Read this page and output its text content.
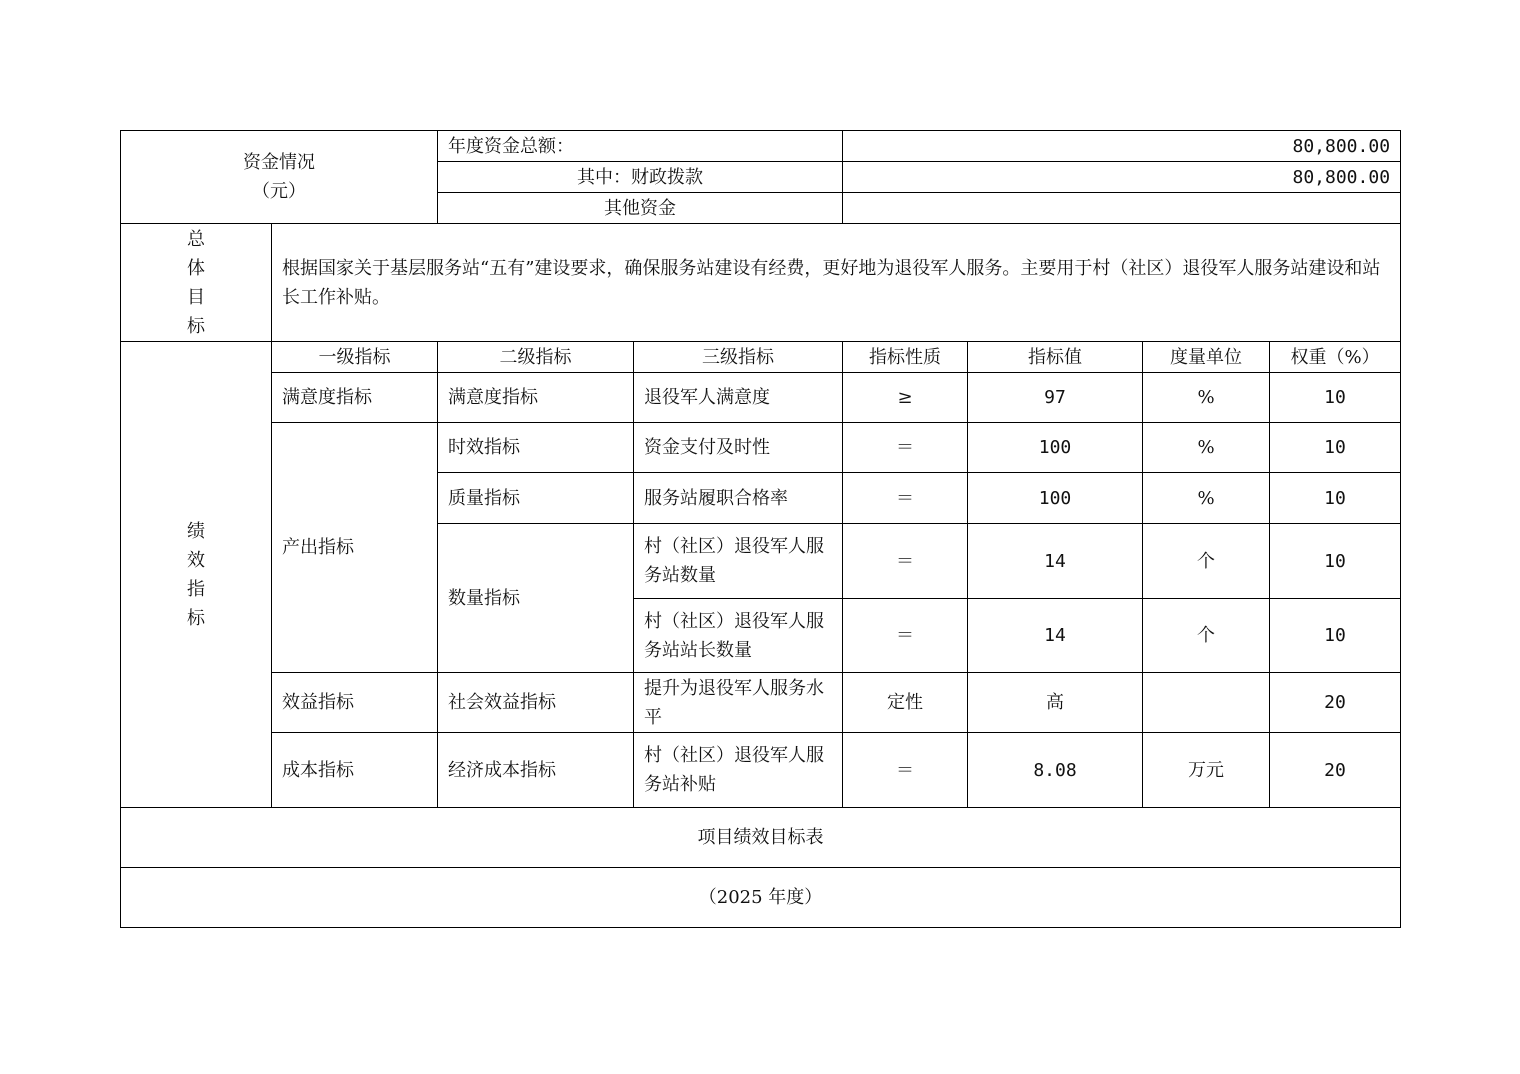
资金情况
（元）		年度资金总额：		80,800.00			
		其中：财政拨款		80,800.00			
		其他资金					
总
体
目
标	根据国家关于基层服务站“五有”建设要求，确保服务站建设有经费，更好地为退役军人服务。主要用于村（社区）退役军人服务站建设和站长工作补贴。						
绩
效
指
标	一级指标	二级指标	三级指标	指标性质	指标值	度量单位	权重（%）
	满意度指标	满意度指标	退役军人满意度	≥	97	%	10
	产出指标	时效指标	资金支付及时性	＝	100	%	10
		质量指标	服务站履职合格率	＝	100	%	10
		数量指标	村（社区）退役军人服务站数量	＝	14	个	10
			村（社区）退役军人服务站站长数量	＝	14	个	10
	效益指标	社会效益指标	提升为退役军人服务水平	定性	高		20
	成本指标	经济成本指标	村（社区）退役军人服务站补贴	＝	8.08	万元	20
项目绩效目标表							
（2025 年度）							
